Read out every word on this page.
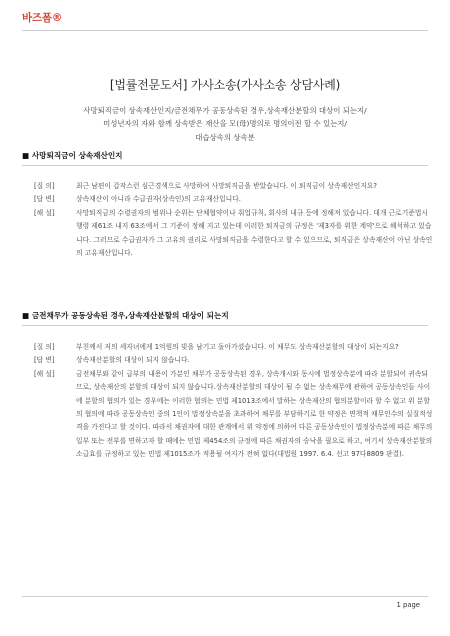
바즈폼®
[법률전문도서] 가사소송(가사소송 상담사례)
사망퇴직금이 상속재산인지/금전채무가 공동상속된 경우,상속재산분할의 대상이 되는지/
미성년자의 자와 함께 상속받은 재산을 모(母)명의로 명의이전 할 수 있는지/
대습상속의 상속분
■ 사망퇴직금이 상속재산인지
[질 의]	최근 남편이 갑작스런 심근경색으로 사망하여 사망퇴직금을 받았습니다. 이 퇴직금이 상속재산인지요?
[답 변]	상속재산이 아니라 수급권자(상속인)의 고유재산입니다.
[해 설]	사망퇴직금의 수령권자의 범위나 순위는 단체협약이나 취업규칙, 회사의 내규 등에 정해져 있습니다. 대개 근로기준법시행령 제61조 내지 63조에서 그 기준이 정해 지고 있는데 이러한 퇴직금의 규정은 '제3자를 위한 계약'으로 해석하고 있습니다. 그러므로 수급권자가 그 고유의 권리로 사망퇴직금을 수령한다고 할 수 있으므로, 퇴직금은 상속재산이 아닌 상속인의 고유재산입니다.
■ 금전채무가 공동상속된 경우,상속재산분할의 대상이 되는지
[질 의]	부친께서 저의 세자녀에게 1억원의 빚을 남기고 돌아가셨습니다. 이 채무도 상속재산분할의 대상이 되는지요?
[답 변]	상속재산분할의 대상이 되지 않습니다.
[해 설]	금전채무와 같이 급부의 내용이 가분인 채무가 공동상속된 경우, 상속개시와 동시에 법정상속분에 따라 분할되어 귀속되므로, 상속재산의 분할의 대상이 되지 않습니다.상속재산분할의 대상이 될 수 없는 상속채무에 관하여 공동상속인들 사이에 분할의 협의가 있는 경우에는 이러한 협의는 민법 제1013조에서 말하는 상속재산의 협의분할이라 할 수 없고 위 분할의 협의에 따라 공동상속인 중의 1인이 법정상속분을 초과하여 채무를 부담하기로 한 약정은 면책적 채무인수의 실질적성격을 가진다고 할 것이다. 따라서 채권자에 대한 관계에서 위 약정에 의하여 다른 공동상속인이 법정상속분에 따른 채무의 일부 또는 전부를 면하고자 할 때에는 민법 제454조의 규정에 따른 채권자의 승낙을 필요로 하고, 여기서 상속재산분할의 소급효를 규정하고 있는 민법 제1015조가 적용될 여지가 전혀 없다(대법원 1997. 6.4. 선고 97다8809 판결).
1 page
